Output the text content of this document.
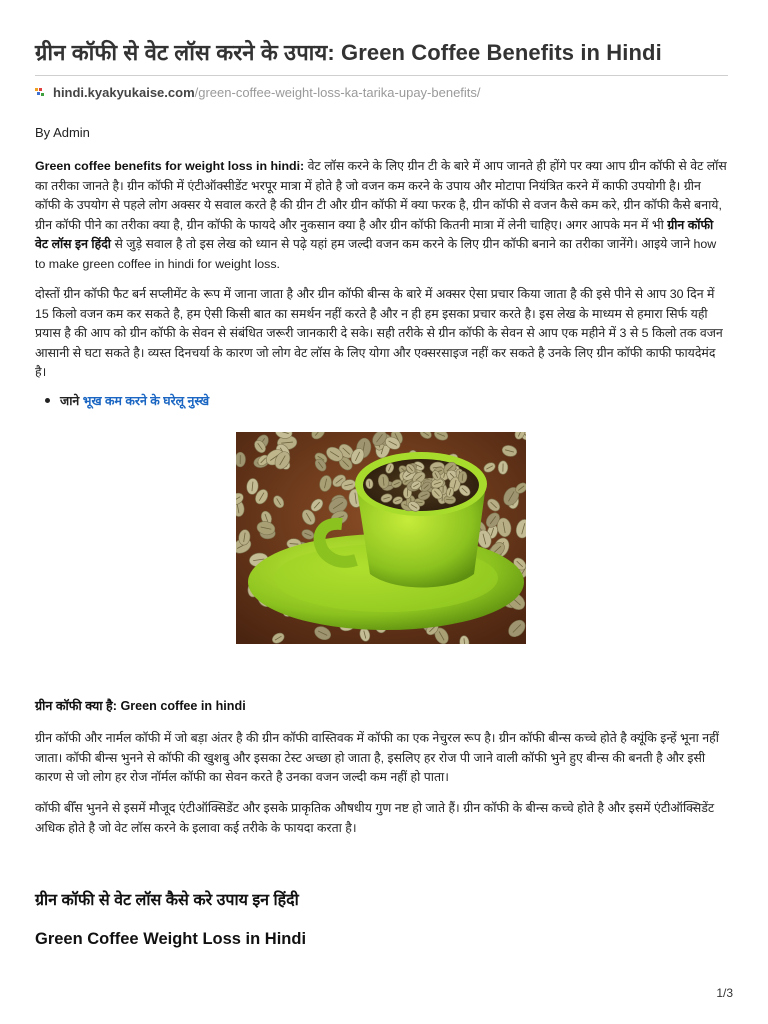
ग्रीन कॉफी से वेट लॉस करने के उपाय: Green Coffee Benefits in Hindi
hindi.kyakyukaise.com/green-coffee-weight-loss-ka-tarika-upay-benefits/
By Admin

Green coffee benefits for weight loss in hindi: वेट लॉस करने के लिए ग्रीन टी के बारे में आप जानते ही होंगे पर क्या आप ग्रीन कॉफी से वेट लॉस का तरीका जानते है। ग्रीन कॉफी में एंटीऑक्सीडेंट भरपूर मात्रा में होते है जो वजन कम करने के उपाय और मोटापा नियंत्रित करने में काफी उपयोगी है। ग्रीन कॉफी के उपयोग से पहले लोग अक्सर ये सवाल करते है की ग्रीन टी और ग्रीन कॉफी में क्या फरक है, ग्रीन कॉफी से वजन कैसे कम करे, ग्रीन कॉफी कैसे बनाये, ग्रीन कॉफी पीने का तरीका क्या है, ग्रीन कॉफी के फायदे और नुकसान क्या है और ग्रीन कॉफी कितनी मात्रा में लेनी चाहिए। अगर आपके मन में भी ग्रीन कॉफी वेट लॉस इन हिंदी से जुड़े सवाल है तो इस लेख को ध्यान से पढ़े यहां हम जल्दी वजन कम करने के लिए ग्रीन कॉफी बनाने का तरीका जानेंगे। आइये जाने how to make green coffee in hindi for weight loss.

दोस्तों ग्रीन कॉफी फैट बर्न सप्लीमेंट के रूप में जाना जाता है और ग्रीन कॉफी बीन्स के बारे में अक्सर ऐसा प्रचार किया जाता है की इसे पीने से आप 30 दिन में 15 किलो वजन कम कर सकते है, हम ऐसी किसी बात का समर्थन नहीं करते है और न ही हम इसका प्रचार करते है। इस लेख के माध्यम से हमारा सिर्फ यही प्रयास है की आप को ग्रीन कॉफी के सेवन से संबंधित जरूरी जानकारी दे सके। सही तरीके से ग्रीन कॉफी के सेवन से आप एक महीने में 3 से 5 किलो तक वजन आसानी से घटा सकते है। व्यस्त दिनचर्या के कारण जो लोग वेट लॉस के लिए योगा और एक्सरसाइज नहीं कर सकते है उनके लिए ग्रीन कॉफी काफी फायदेमंद है।

जाने भूख कम करने के घरेलू नुस्खे
ग्रीन कॉफी क्या है: Green coffee in hindi

ग्रीन कॉफी और नार्मल कॉफी में जो बड़ा अंतर है की ग्रीन कॉफी वास्तिवक में कॉफी का एक नेचुरल रूप है। ग्रीन कॉफी बीन्स कच्चे होते है क्यूंकि इन्हें भूना नहीं जाता। कॉफी बीन्स भुनने से कॉफी की खुशबु और इसका टेस्ट अच्छा हो जाता है, इसलिए हर रोज पी जाने वाली कॉफी भुने हुए बीन्स की बनती है और इसी कारण से जो लोग हर रोज नॉर्मल कॉफी का सेवन करते है उनका वजन जल्दी कम नहीं हो पाता।

कॉफी बीँस भुनने से इसमें मौजूद एंटीऑक्सिडेंट और इसके प्राकृतिक औषधीय गुण नष्ट हो जाते हैं। ग्रीन कॉफी के बीन्स कच्चे होते है और इसमें एंटीऑक्सिडेंट अधिक होते है जो वेट लॉस करने के इलावा कई तरीके के फायदा करता है।

ग्रीन कॉफी से वेट लॉस कैसे करे उपाय इन हिंदी
Green Coffee Weight Loss in Hindi
1/3
